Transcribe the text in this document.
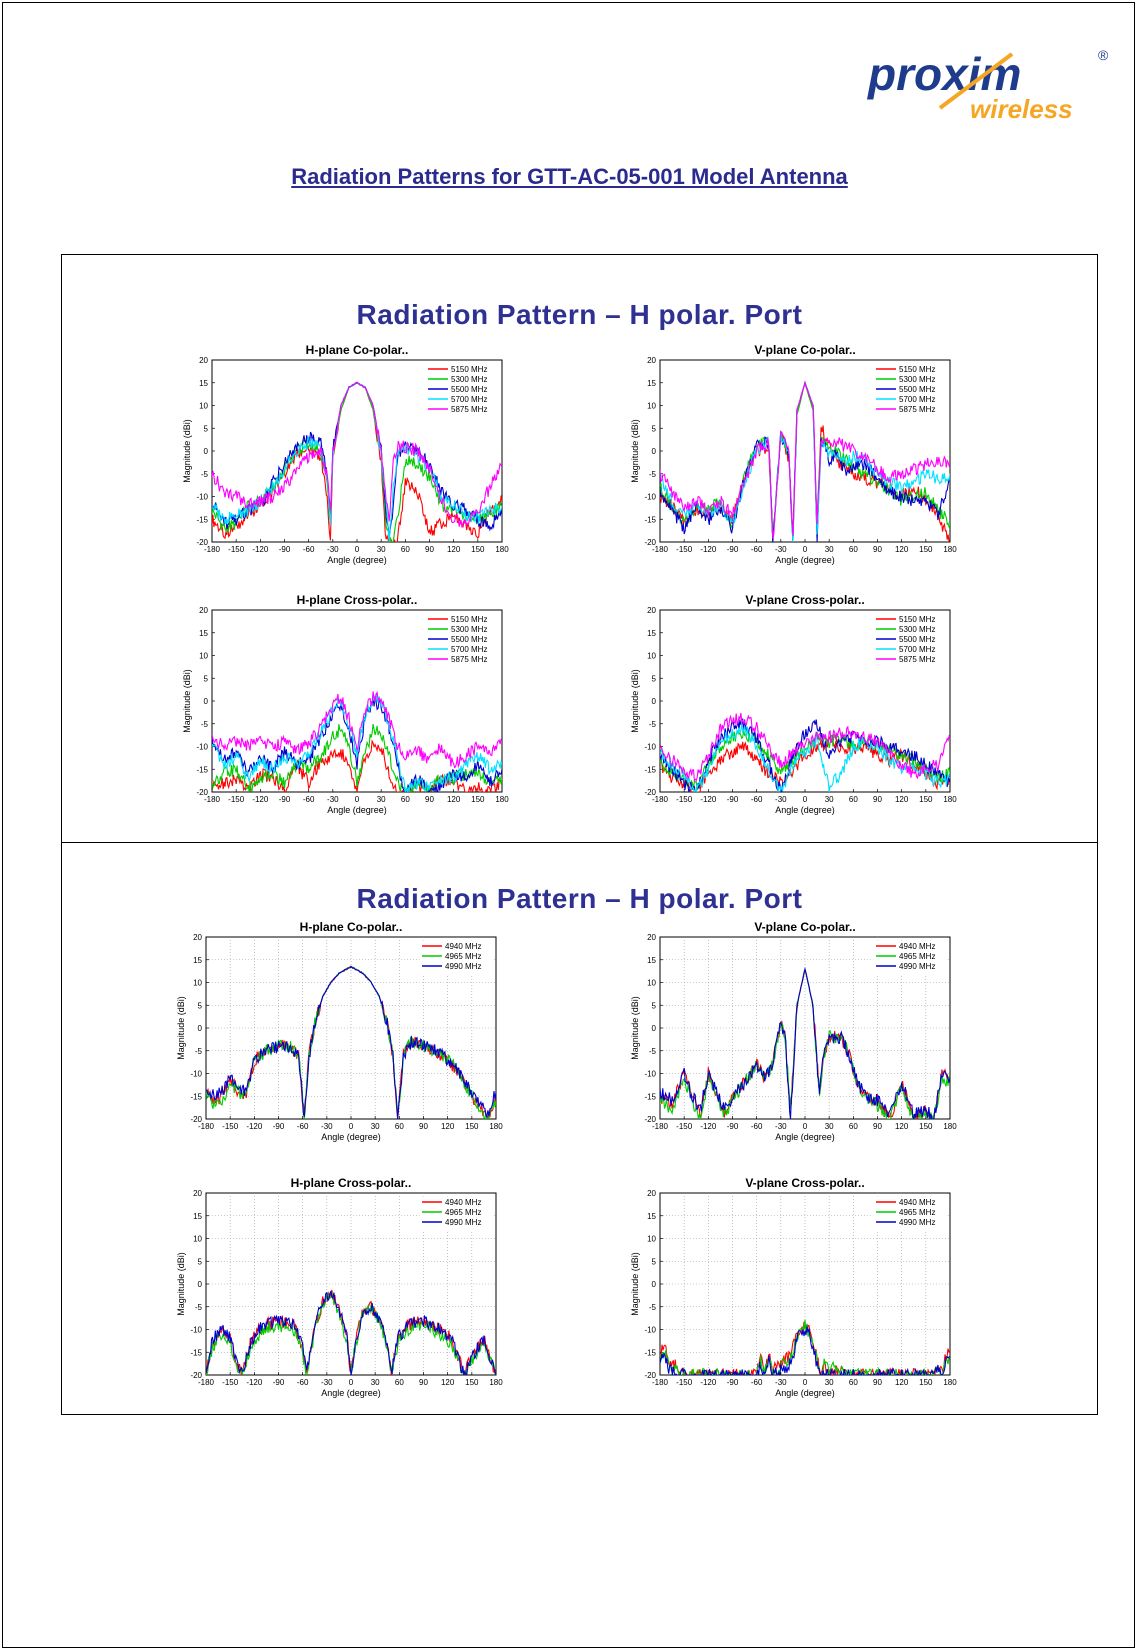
proxim
wireless
®
Radiation Patterns for GTT-AC-05-001 Model Antenna
Radiation Pattern – H polar. Port
Radiation Pattern – H polar. Port
H-plane Co-polar..
-180 -150 -120 -90 -60 -30 0 30 60 90 120 150 180
-20
-15
-10
-5
0
5
10
15
20
Angle (degree)
Magnitude (dBi)
5150 MHz
5300 MHz
5500 MHz
5700 MHz
5875 MHz
V-plane Co-polar..
-180 -150 -120 -90 -60 -30 0 30 60 90 120 150 180
-20
-15
-10
-5
0
5
10
15
20
Angle (degree)
Magnitude (dBi)
5150 MHz
5300 MHz
5500 MHz
5700 MHz
5875 MHz
H-plane Cross-polar..
-180 -150 -120 -90 -60 -30 0 30 60 90 120 150 180
-20
-15
-10
-5
0
5
10
15
20
Angle (degree)
Magnitude (dBi)
5150 MHz
5300 MHz
5500 MHz
5700 MHz
5875 MHz
V-plane Cross-polar..
-180 -150 -120 -90 -60 -30 0 30 60 90 120 150 180
-20
-15
-10
-5
0
5
10
15
20
Angle (degree)
Magnitude (dBi)
5150 MHz
5300 MHz
5500 MHz
5700 MHz
5875 MHz
H-plane Co-polar..
-180 -150 -120 -90 -60 -30 0 30 60 90 120 150 180
-20
-15
-10
-5
0
5
10
15
20
Angle (degree)
Magnitude (dBi)
4940 MHz
4965 MHz
4990 MHz
V-plane Co-polar..
-180 -150 -120 -90 -60 -30 0 30 60 90 120 150 180
-20
-15
-10
-5
0
5
10
15
20
Angle (degree)
Magnitude (dBi)
4940 MHz
4965 MHz
4990 MHz
H-plane Cross-polar..
-180 -150 -120 -90 -60 -30 0 30 60 90 120 150 180
-20
-15
-10
-5
0
5
10
15
20
Angle (degree)
Magnitude (dBi)
4940 MHz
4965 MHz
4990 MHz
V-plane Cross-polar..
-180 -150 -120 -90 -60 -30 0 30 60 90 120 150 180
-20
-15
-10
-5
0
5
10
15
20
Angle (degree)
Magnitude (dBi)
4940 MHz
4965 MHz
4990 MHz
